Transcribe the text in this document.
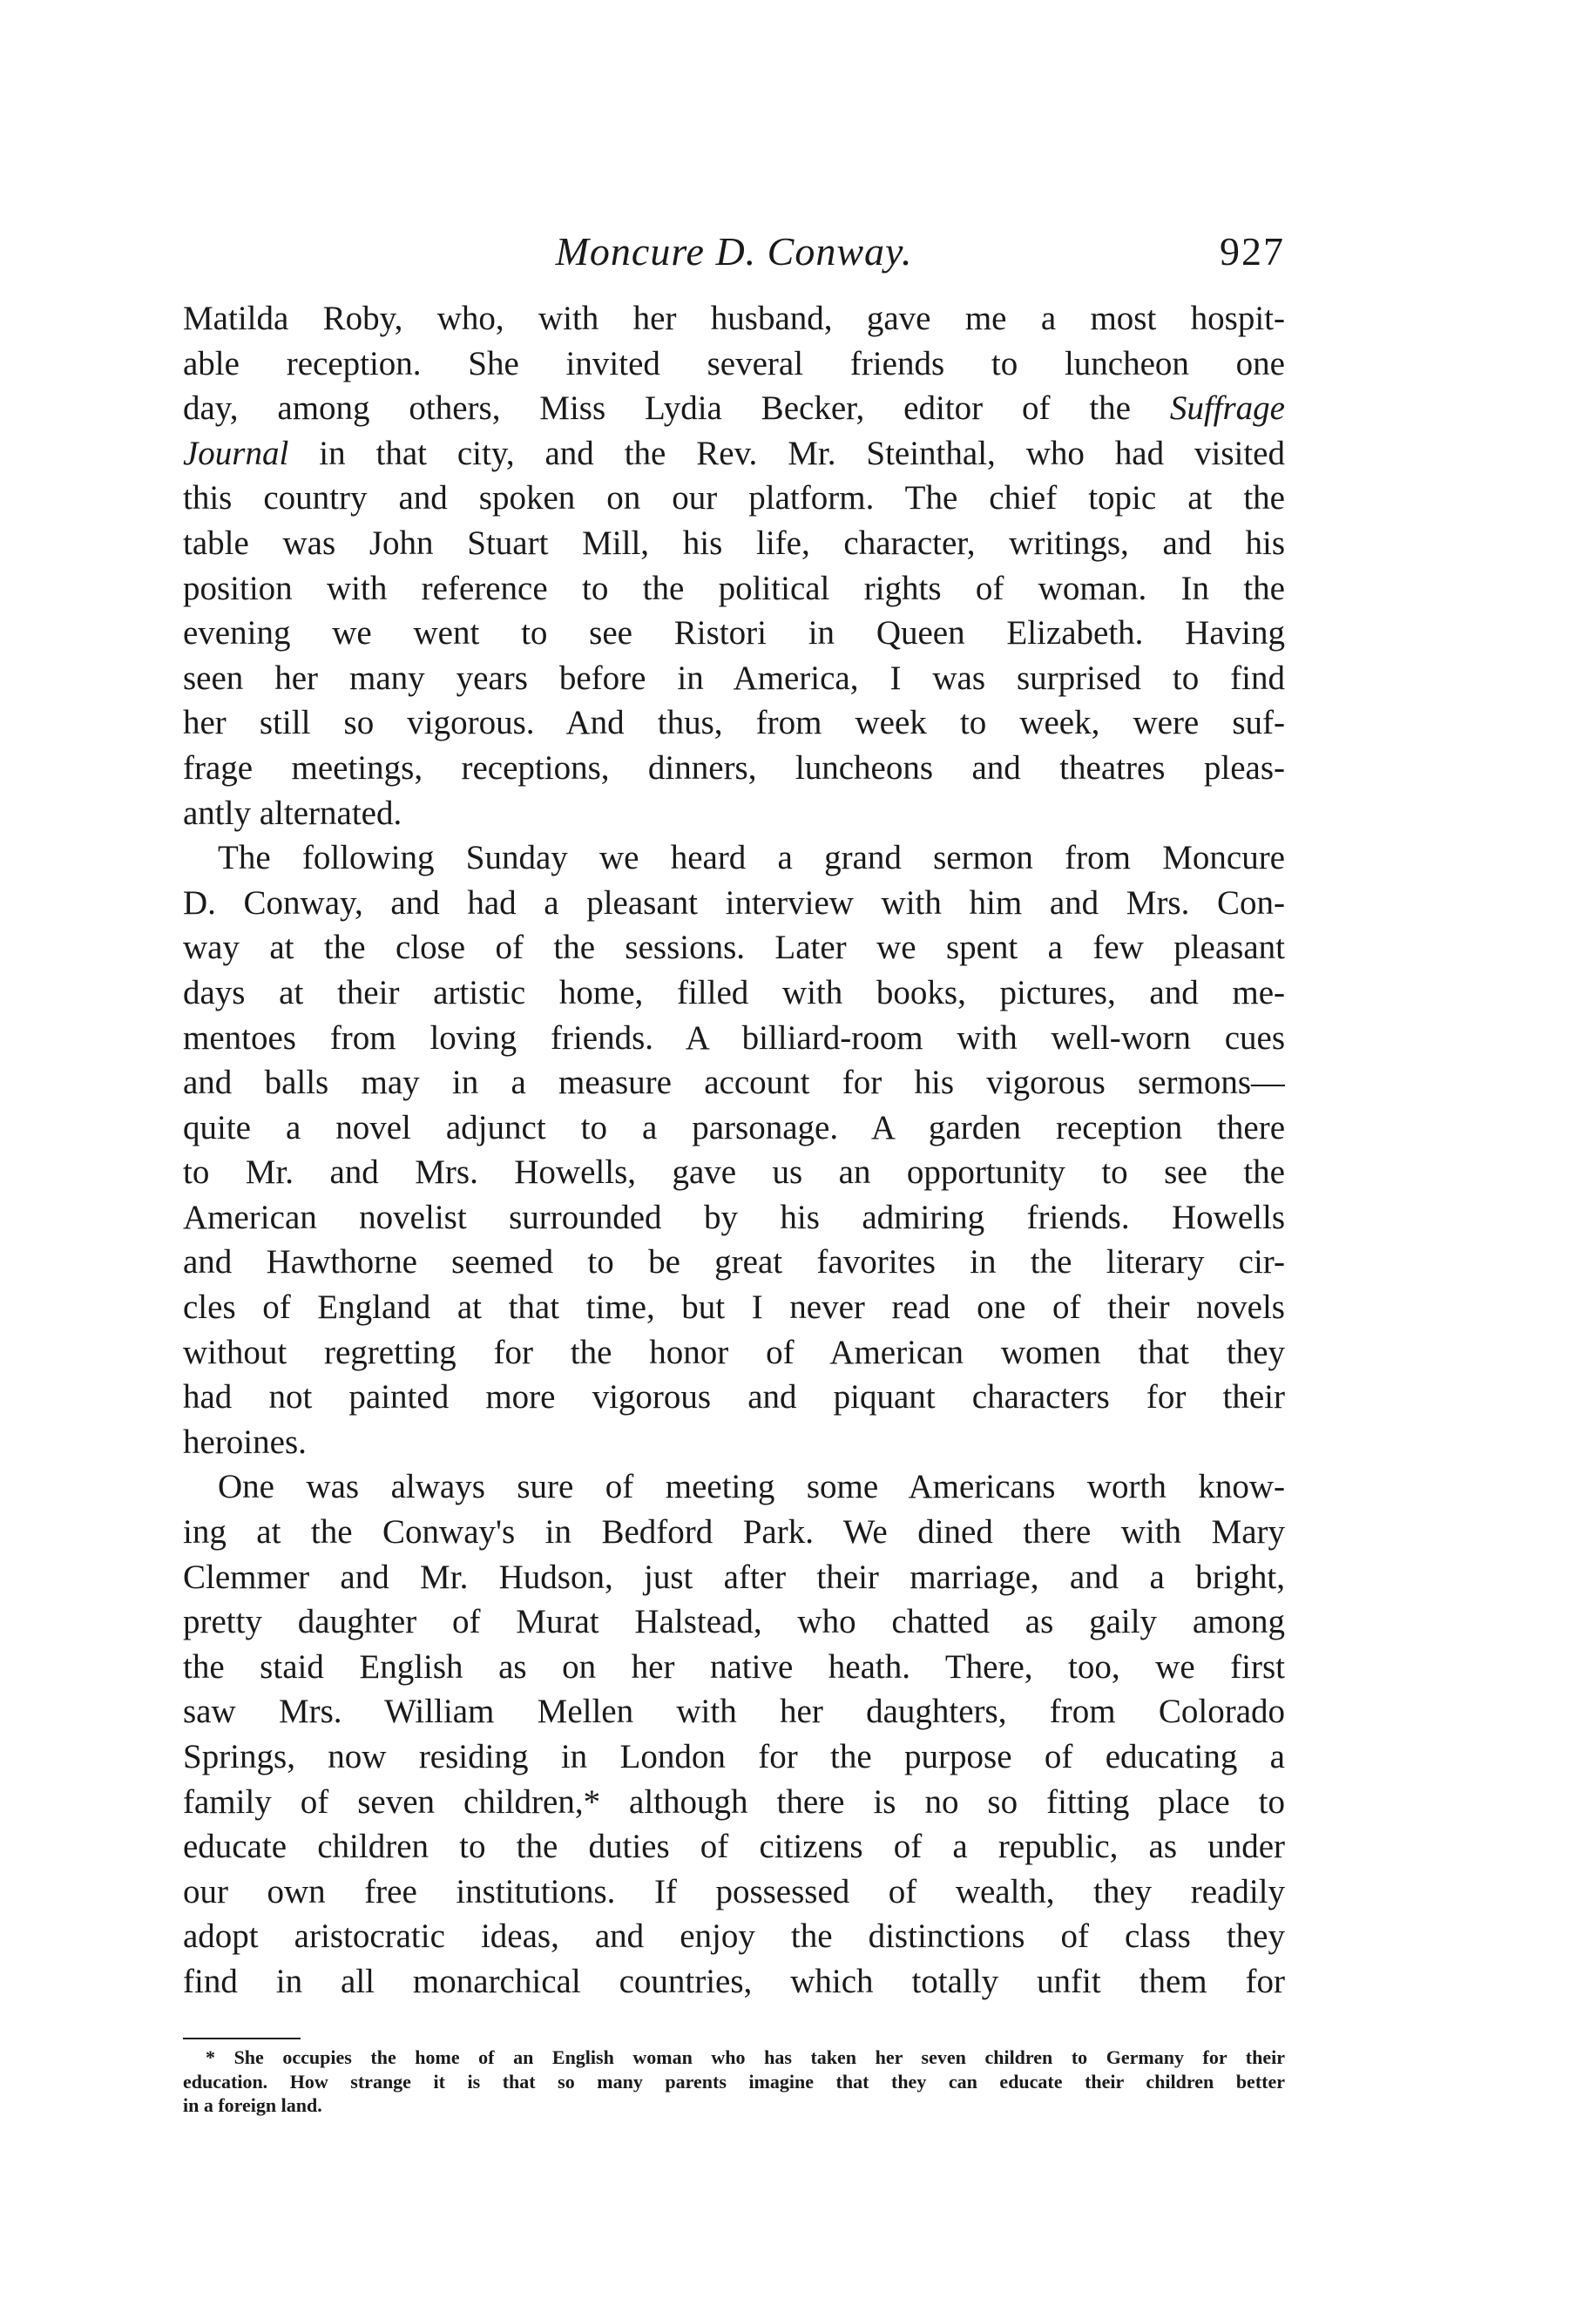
Moncure D. Conway.	927
Matilda Roby, who, with her husband, gave me a most hospit-
able reception. She invited several friends to luncheon one
day, among others, Miss Lydia Becker, editor of the Suffrage
Journal in that city, and the Rev. Mr. Steinthal, who had visited
this country and spoken on our platform. The chief topic at the
table was John Stuart Mill, his life, character, writings, and his
position with reference to the political rights of woman. In the
evening we went to see Ristori in Queen Elizabeth. Having
seen her many years before in America, I was surprised to find
her still so vigorous. And thus, from week to week, were suf-
frage meetings, receptions, dinners, luncheons and theatres pleas-
antly alternated.
The following Sunday we heard a grand sermon from Moncure
D. Conway, and had a pleasant interview with him and Mrs. Con-
way at the close of the sessions. Later we spent a few pleasant
days at their artistic home, filled with books, pictures, and me-
mentoes from loving friends. A billiard-room with well-worn cues
and balls may in a measure account for his vigorous sermons—
quite a novel adjunct to a parsonage. A garden reception there
to Mr. and Mrs. Howells, gave us an opportunity to see the
American novelist surrounded by his admiring friends. Howells
and Hawthorne seemed to be great favorites in the literary cir-
cles of England at that time, but I never read one of their novels
without regretting for the honor of American women that they
had not painted more vigorous and piquant characters for their
heroines.
One was always sure of meeting some Americans worth know-
ing at the Conway's in Bedford Park. We dined there with Mary
Clemmer and Mr. Hudson, just after their marriage, and a bright,
pretty daughter of Murat Halstead, who chatted as gaily among
the staid English as on her native heath. There, too, we first
saw Mrs. William Mellen with her daughters, from Colorado
Springs, now residing in London for the purpose of educating a
family of seven children,* although there is no so fitting place to
educate children to the duties of citizens of a republic, as under
our own free institutions. If possessed of wealth, they readily
adopt aristocratic ideas, and enjoy the distinctions of class they
find in all monarchical countries, which totally unfit them for
* She occupies the home of an English woman who has taken her seven children to Germany for their
education. How strange it is that so many parents imagine that they can educate their children better
in a foreign land.
